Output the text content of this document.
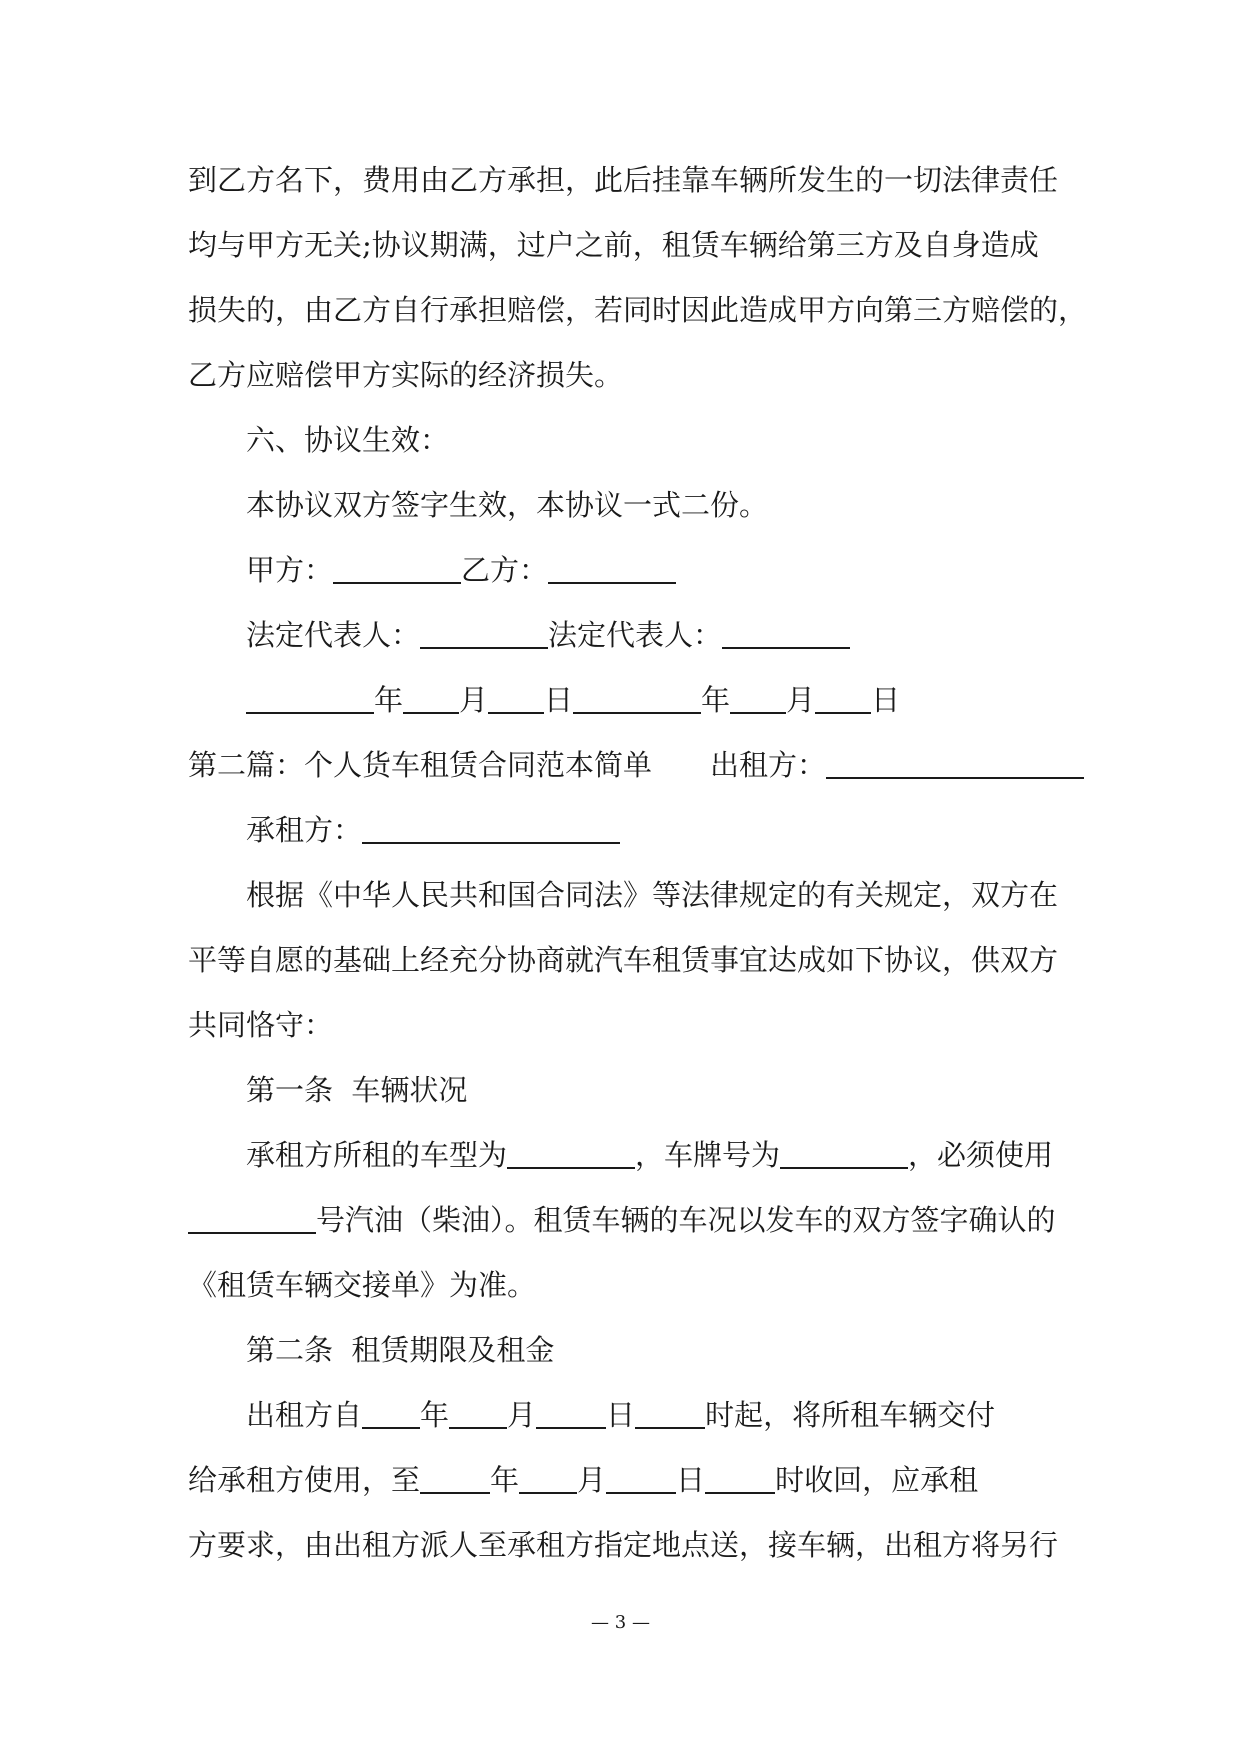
到乙方名下，费用由乙方承担，此后挂靠车辆所发生的一切法律责任

均与甲方无关;协议期满，过户之前，租赁车辆给第三方及自身造成

损失的，由乙方自行承担赔偿，若同时因此造成甲方向第三方赔偿的，

乙方应赔偿甲方实际的经济损失。

六、协议生效：

本协议双方签字生效，本协议一式二份。

甲方：	乙方：

法定代表人：	法定代表人：

年 月 日	年 月 日

第二篇：个人货车租赁合同范本简单 出租方：

承租方：

根据《中华人民共和国合同法》等法律规定的有关规定，双方在

平等自愿的基础上经充分协商就汽车租赁事宜达成如下协议，供双方

共同恪守：

第一条  车辆状况

承租方所租的车型为	，车牌号为	，必须使用

号汽油（柴油）。租赁车辆的车况以发车的双方签字确认的

《租赁车辆交接单》为准。

第二条  租赁期限及租金

出租方自 年 月 日 时起，将所租车辆交付

给承租方使用，至 年 月 日 时收回，应承租

方要求，由出租方派人至承租方指定地点送，接车辆，出租方将另行

— 3 —
